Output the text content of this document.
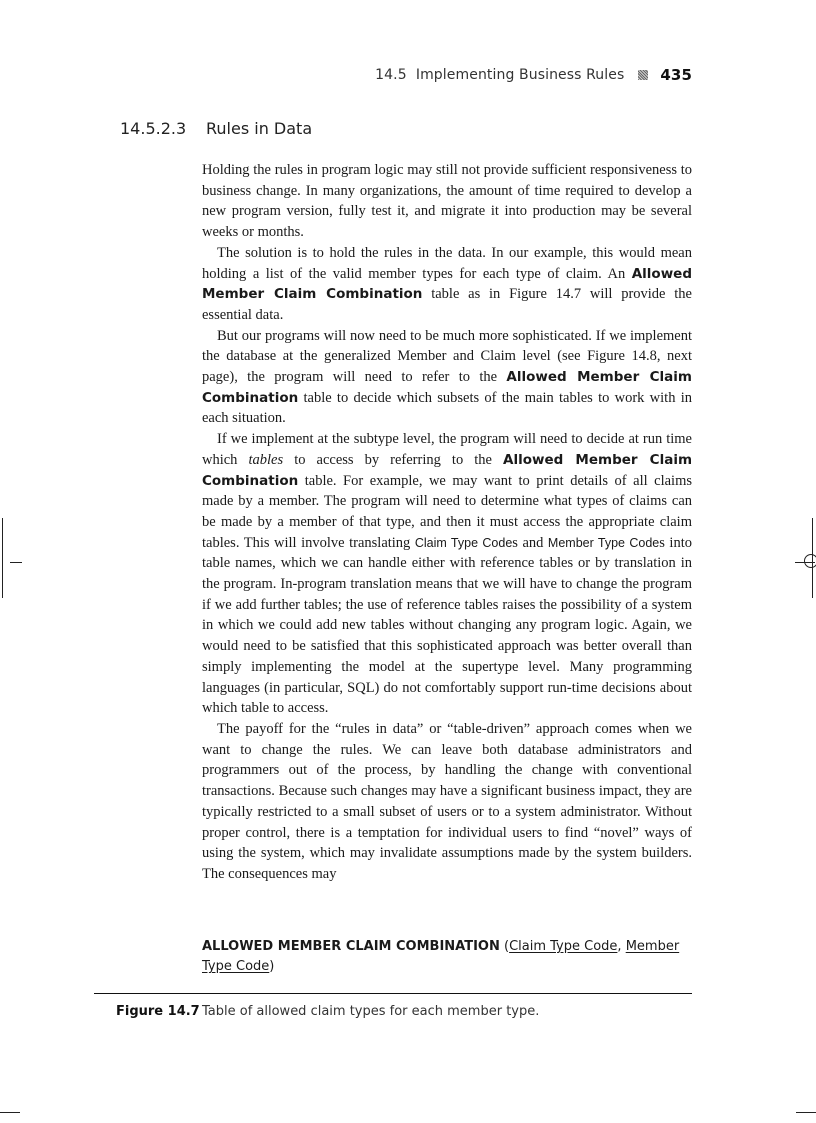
14.5
Implementing Business Rules 435
14.5.2.3 Rules in Data

Holding the rules in program logic may still not provide sufficient responsiveness to business change. In many organizations, the amount of time required to develop a new program version, fully test it, and migrate it into production may be several weeks or months.

The solution is to hold the rules in the data. In our example, this would mean holding a list of the valid member types for each type of claim. An Allowed Member Claim Combination table as in Figure 14.7 will provide the essential data.

But our programs will now need to be much more sophisticated. If we implement the database at the generalized Member and Claim level (see Figure 14.8, next page), the program will need to refer to the Allowed Member Claim Combination table to decide which subsets of the main tables to work with in each situation.

If we implement at the subtype level, the program will need to decide at run time which tables to access by referring to the Allowed Member Claim Combination table. For example, we may want to print details of all claims made by a member. The program will need to determine what types of claims can be made by a member of that type, and then it must access the appropriate claim tables. This will involve translating Claim Type Codes and Member Type Codes into table names, which we can handle either with reference tables or by translation in the program. In-program translation means that we will have to change the program if we add further tables; the use of reference tables raises the possibility of a system in which we could add new tables without changing any program logic. Again, we would need to be satisfied that this sophisticated approach was better overall than simply implementing the model at the supertype level. Many programming languages (in particular, SQL) do not comfortably support run-time decisions about which table to access.

The payoff for the “rules in data” or “table-driven” approach comes when we want to change the rules. We can leave both database administrators and programmers out of the process, by handling the change with conventional transactions. Because such changes may have a significant business impact, they are typically restricted to a small subset of users or to a system administrator. Without proper control, there is a temptation for individual users to find “novel” ways of using the system, which may invalidate assumptions made by the system builders. The consequences may

ALLOWED MEMBER CLAIM COMBINATION (Claim Type Code, Member Type Code)
Figure 14.7 Table of allowed claim types for each member type.
